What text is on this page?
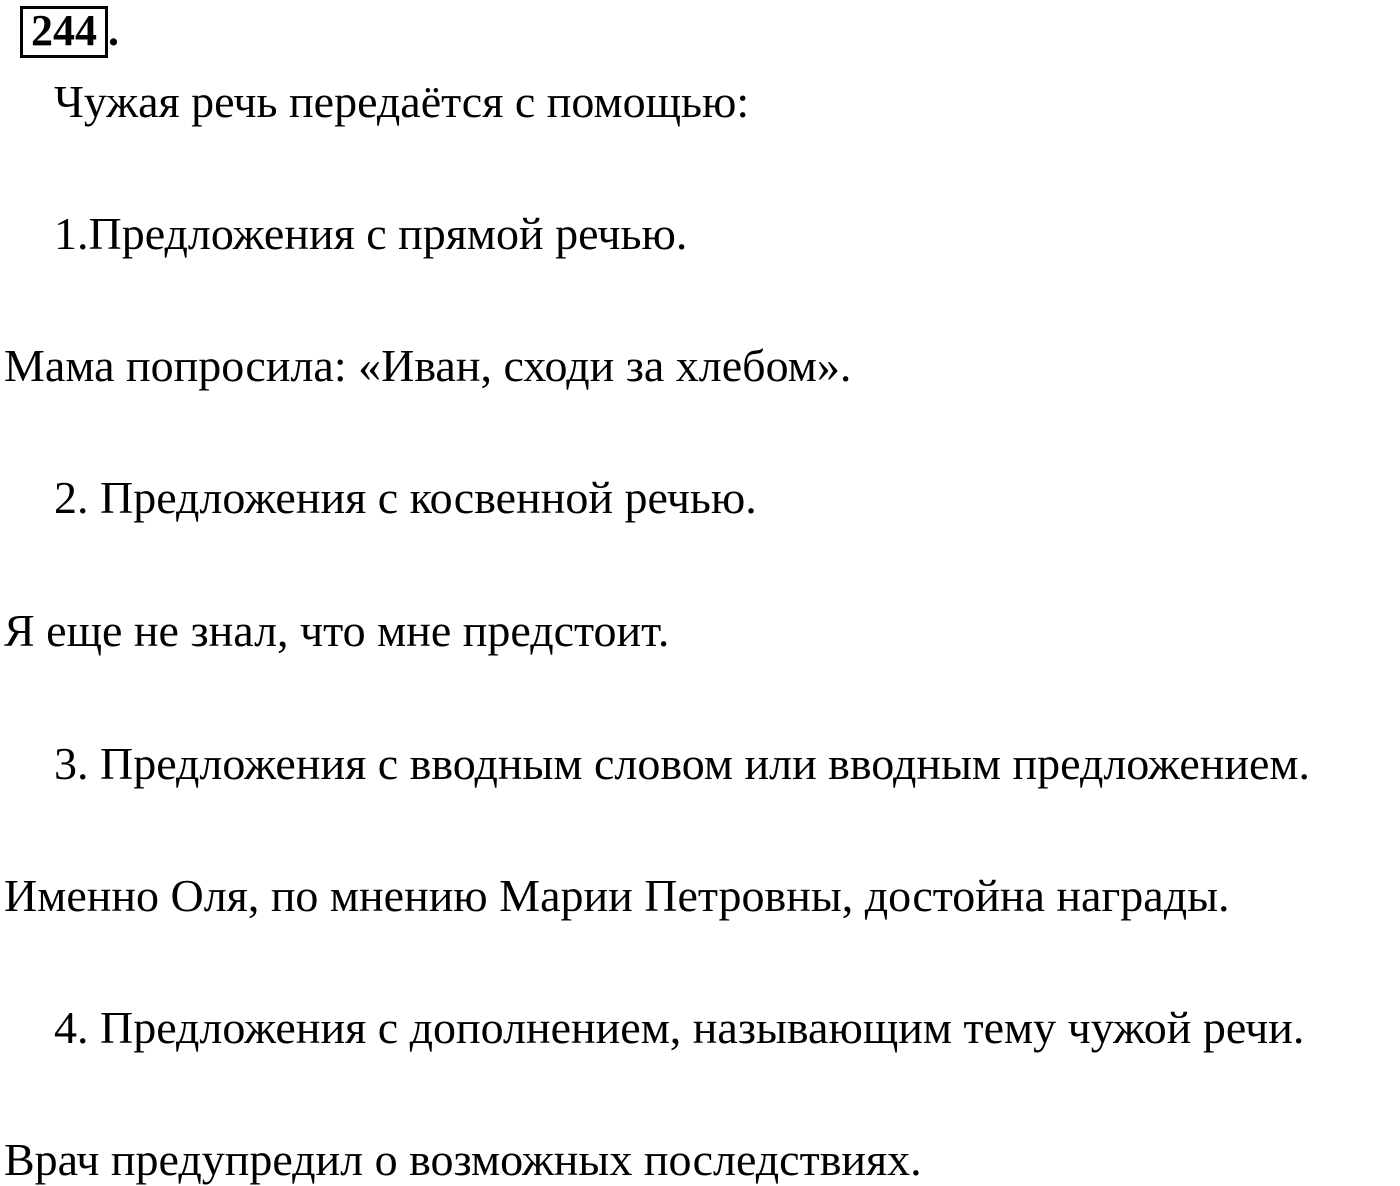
244 .
Чужая речь передаётся с помощью:
1.Предложения с прямой речью.
Мама попросила: «Иван, сходи за хлебом».
2. Предложения с косвенной речью.
Я еще не знал, что мне предстоит.
3. Предложения с вводным словом или вводным предложением.
Именно Оля, по мнению Марии Петровны, достойна награды.
4. Предложения с дополнением, называющим тему чужой речи.
Врач предупредил о возможных последствиях.
